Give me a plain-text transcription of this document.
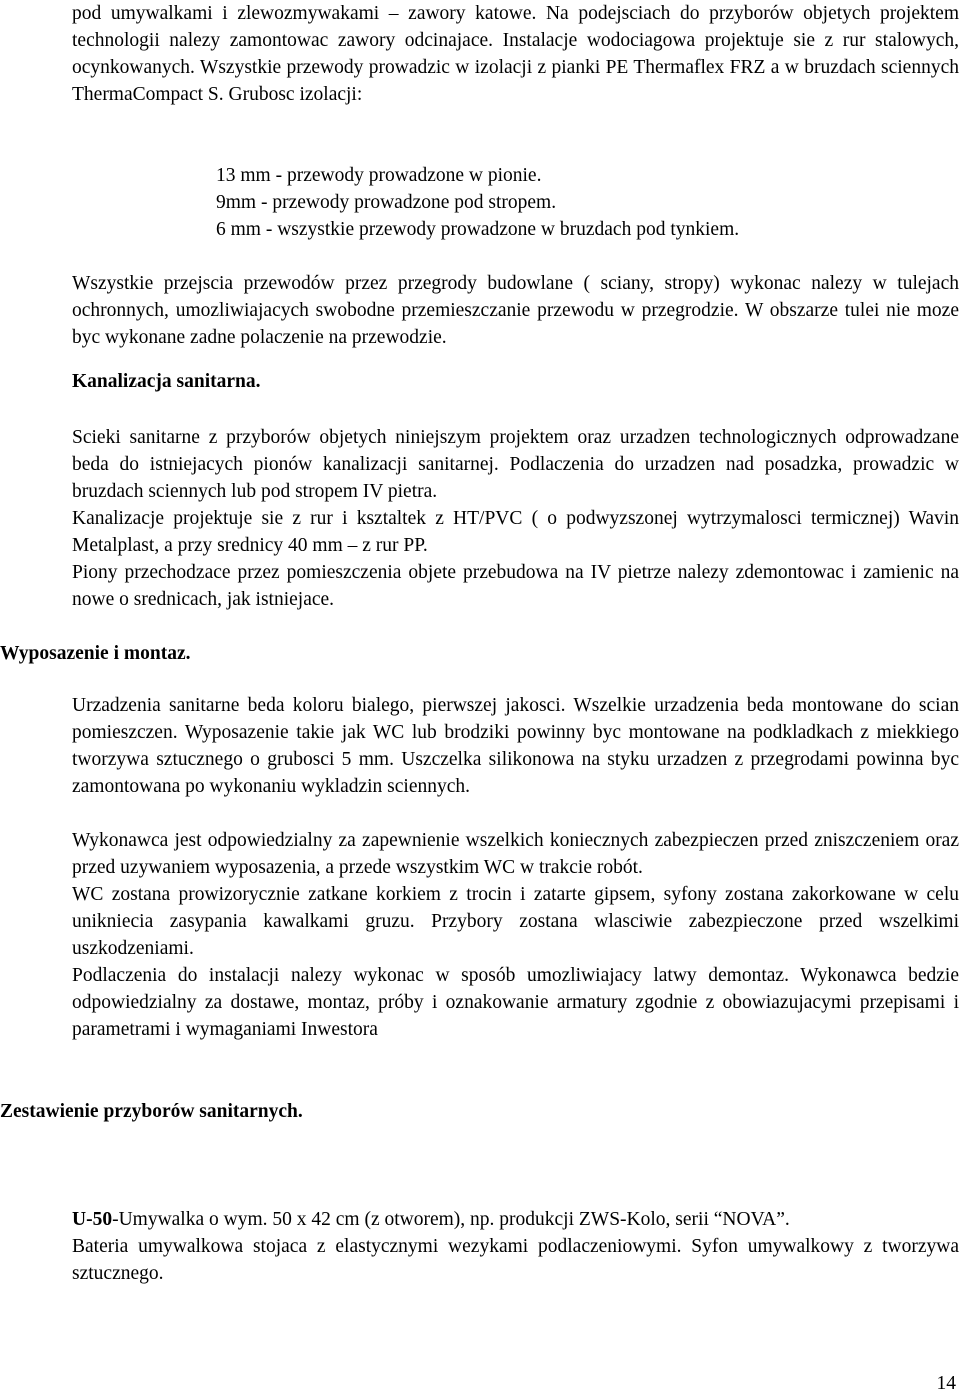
pod umywalkami i zlewozmywakami – zawory katowe. Na podejsciach do przyborów objetych projektem technologii nalezy zamontowac zawory odcinajace. Instalacje wodociagowa projektuje sie z rur stalowych, ocynkowanych. Wszystkie przewody prowadzic w izolacji z pianki PE Thermaflex FRZ a w bruzdach sciennych ThermaCompact S. Grubosc izolacji:

13 mm - przewody prowadzone w pionie.

9mm - przewody prowadzone pod stropem.

6 mm - wszystkie przewody prowadzone w bruzdach pod tynkiem.

Wszystkie przejscia przewodów przez przegrody budowlane ( sciany, stropy) wykonac nalezy w tulejach ochronnych, umozliwiajacych swobodne przemieszczanie przewodu w przegrodzie. W obszarze tulei nie moze byc wykonane zadne polaczenie na przewodzie.

Kanalizacja sanitarna.

Scieki sanitarne z przyborów objetych niniejszym projektem oraz urzadzen technologicznych odprowadzane beda do istniejacych pionów kanalizacji sanitarnej. Podlaczenia do urzadzen nad posadzka, prowadzic w bruzdach sciennych lub pod stropem IV pietra.

Kanalizacje projektuje sie z rur i ksztaltek z HT/PVC ( o podwyzszonej wytrzymalosci termicznej) Wavin Metalplast, a przy srednicy 40 mm – z rur PP.

Piony przechodzace przez pomieszczenia objete przebudowa na IV pietrze nalezy zdemontowac i zamienic na nowe o srednicach, jak istniejace.

Wyposazenie i montaz.

Urzadzenia sanitarne beda koloru bialego, pierwszej jakosci. Wszelkie urzadzenia beda montowane do scian pomieszczen. Wyposazenie takie jak WC lub brodziki powinny byc montowane na podkladkach z miekkiego tworzywa sztucznego o grubosci 5 mm. Uszczelka silikonowa na styku urzadzen z przegrodami powinna byc zamontowana po wykonaniu wykladzin sciennych.

Wykonawca jest odpowiedzialny za zapewnienie wszelkich koniecznych zabezpieczen przed zniszczeniem oraz przed uzywaniem wyposazenia, a przede wszystkim WC w trakcie robót.

WC zostana prowizorycznie zatkane korkiem z trocin i zatarte gipsem, syfony zostana zakorkowane w celu unikniecia zasypania kawalkami gruzu. Przybory zostana wlasciwie zabezpieczone przed wszelkimi uszkodzeniami.

Podlaczenia do instalacji nalezy wykonac w sposób umozliwiajacy latwy demontaz. Wykonawca bedzie odpowiedzialny za dostawe, montaz, próby i oznakowanie armatury zgodnie z obowiazujacymi przepisami i parametrami i wymaganiami Inwestora

Zestawienie przyborów sanitarnych.

U-50-Umywalka o wym. 50 x 42 cm (z otworem), np. produkcji ZWS-Kolo, serii “NOVA”.

Bateria umywalkowa stojaca z elastycznymi wezykami podlaczeniowymi. Syfon umywalkowy z tworzywa sztucznego.

14
